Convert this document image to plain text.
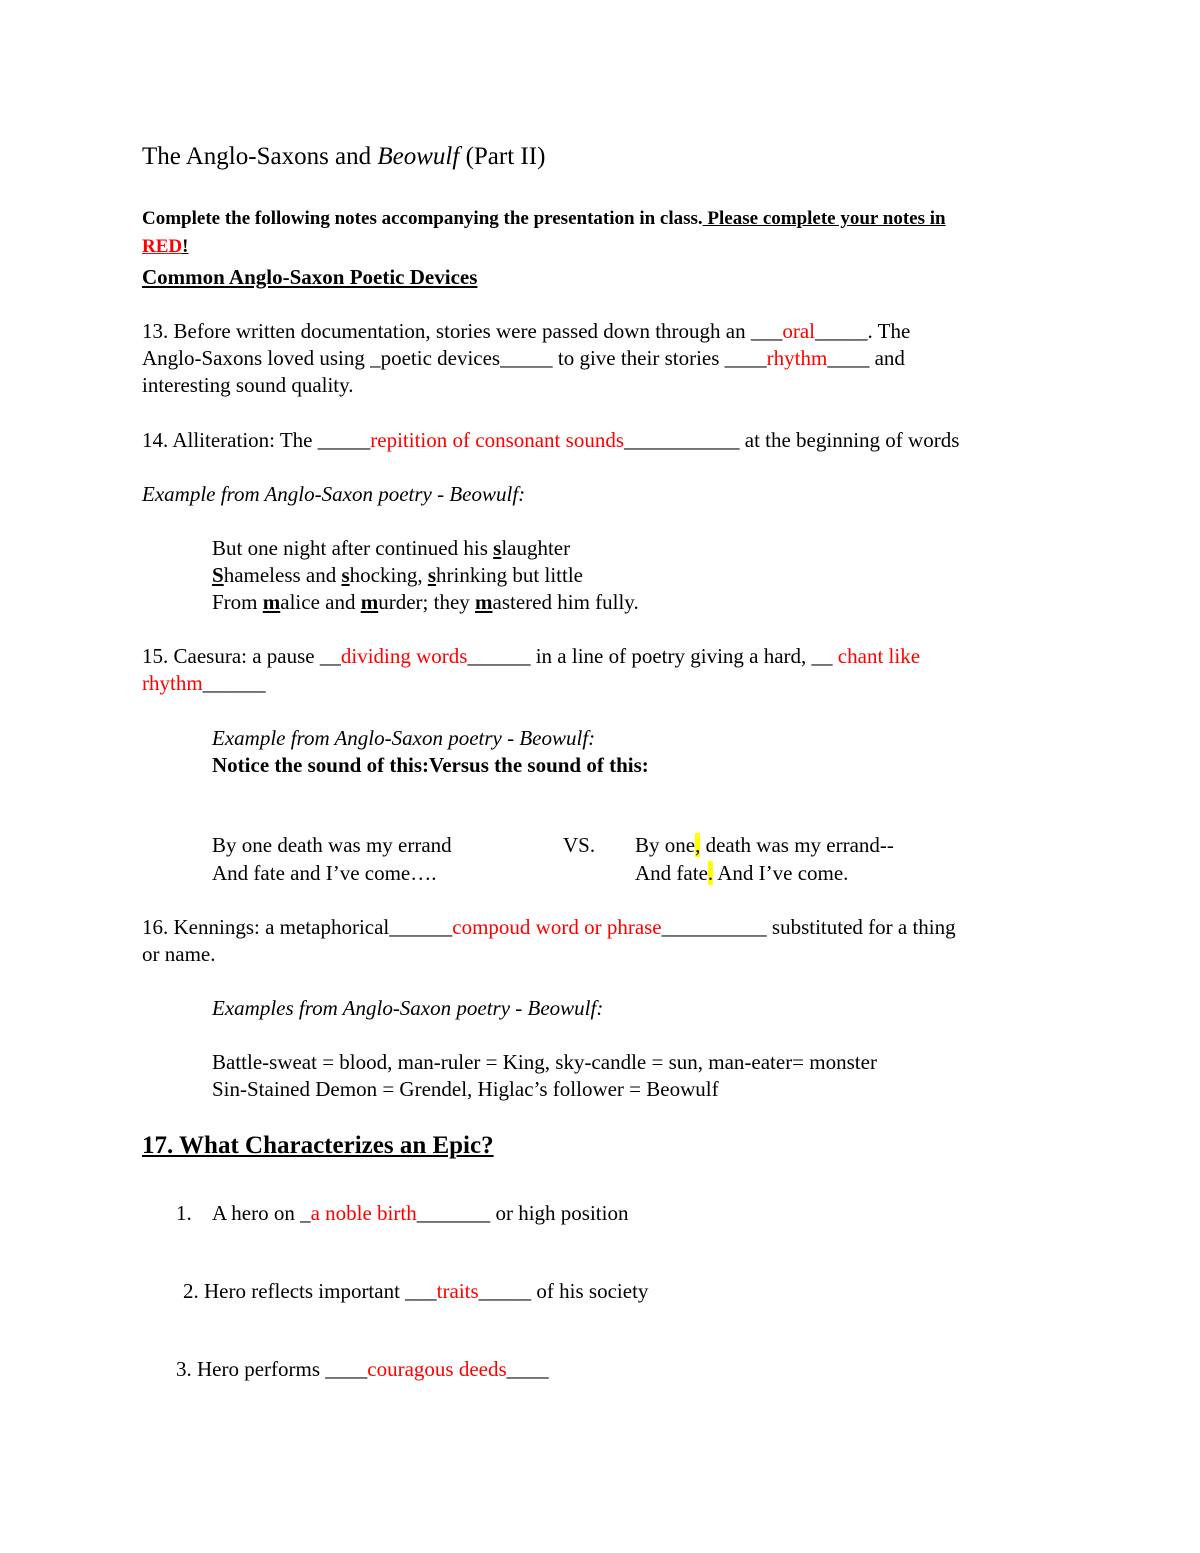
The Anglo-Saxons and Beowulf (Part II)
Complete the following notes accompanying the presentation in class. Please complete your notes in
RED!
Common Anglo-Saxon Poetic Devices
13. Before written documentation, stories were passed down through an ___oral_____. The
Anglo-Saxons loved using _poetic devices_____ to give their stories ____rhythm____ and
interesting sound quality.
14. Alliteration: The _____repitition of consonant sounds___________ at the beginning of words
Example from Anglo-Saxon poetry - Beowulf:
But one night after continued his slaughter
Shameless and shocking, shrinking but little
From malice and murder; they mastered him fully.
15. Caesura: a pause __dividing words______ in a line of poetry giving a hard, __ chant like
rhythm______
Example from Anglo-Saxon poetry - Beowulf:
Notice the sound of this:Versus the sound of this:
By one death was my errand
And fate and I’ve come….
VS. By one, death was my errand--
And fate. And I’ve come.
16. Kennings: a metaphorical______compoud word or phrase__________ substituted for a thing
or name.
Examples from Anglo-Saxon poetry - Beowulf:
Battle-sweat = blood, man-ruler = King, sky-candle = sun, man-eater= monster
Sin-Stained Demon = Grendel, Higlac’s follower = Beowulf
17. What Characterizes an Epic?
1. A hero on _a noble birth_______ or high position
2. Hero reflects important ___traits_____ of his society
3. Hero performs ____couragous deeds____
